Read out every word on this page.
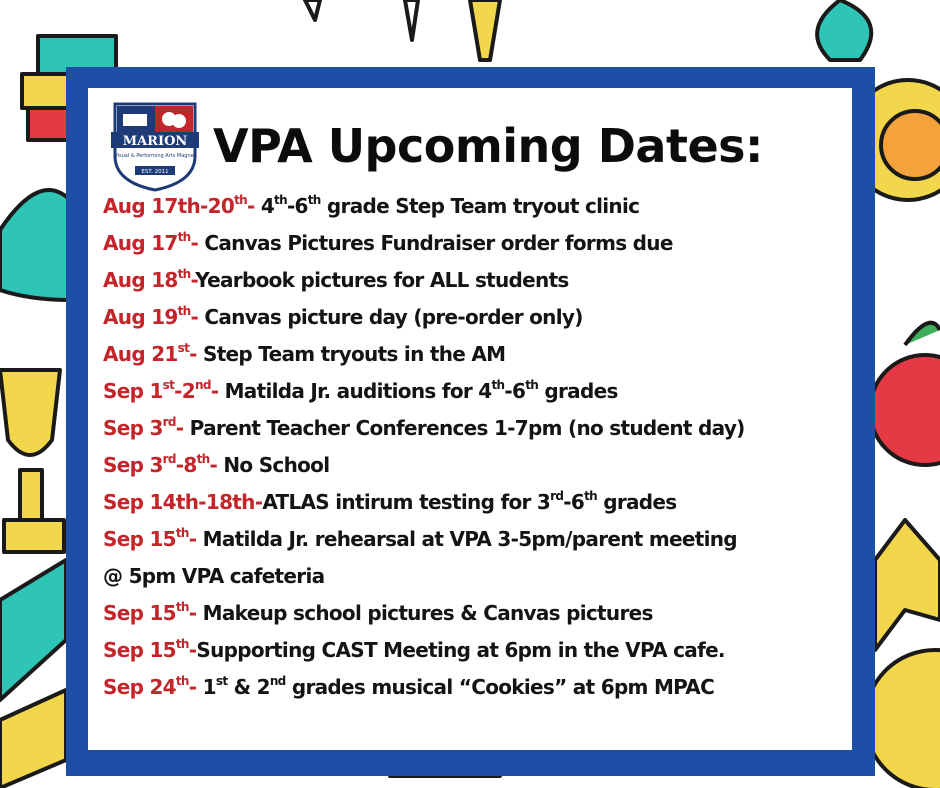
MARION
Visual & Performing Arts Magnet
EST. 2011 VPA Upcoming Dates:
Aug 17th-20th- 4th-6th grade Step Team tryout clinic
Aug 17th- Canvas Pictures Fundraiser order forms due
Aug 18th-Yearbook pictures for ALL students
Aug 19th- Canvas picture day (pre-order only)
Aug 21st- Step Team tryouts in the AM
Sep 1st-2nd- Matilda Jr. auditions for 4th-6th grades
Sep 3rd- Parent Teacher Conferences 1-7pm (no student day)
Sep 3rd-8th- No School
Sep 14th-18th-ATLAS intirum testing for 3rd-6th grades
Sep 15th- Matilda Jr. rehearsal at VPA 3-5pm/parent meeting
@ 5pm VPA cafeteria
Sep 15th- Makeup school pictures & Canvas pictures
Sep 15th-Supporting CAST Meeting at 6pm in the VPA cafe.
Sep 24th- 1st & 2nd grades musical “Cookies” at 6pm MPAC
